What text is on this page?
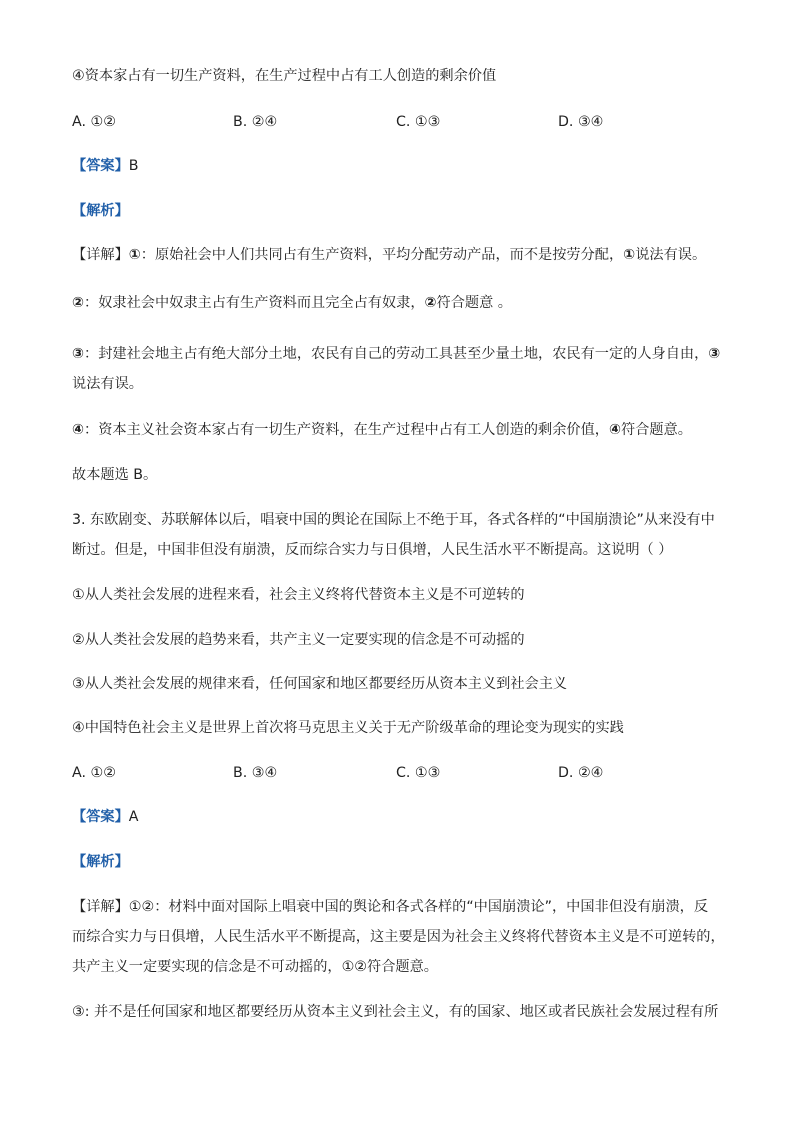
④资本家占有一切生产资料，在生产过程中占有工人创造的剩余价值
A. ①②	B. ②④	C. ①③	D. ③④
【答案】B
【解析】
【详解】①：原始社会中人们共同占有生产资料，平均分配劳动产品，而不是按劳分配，①说法有误。
②：奴隶社会中奴隶主占有生产资料而且完全占有奴隶，②符合题意 。
③：封建社会地主占有绝大部分土地，农民有自己的劳动工具甚至少量土地，农民有一定的人身自由，③
说法有误。
④：资本主义社会资本家占有一切生产资料，在生产过程中占有工人创造的剩余价值，④符合题意。
故本题选 B。
3. 东欧剧变、苏联解体以后，唱衰中国的舆论在国际上不绝于耳，各式各样的“中国崩溃论”从来没有中
断过。但是，中国非但没有崩溃，反而综合实力与日俱增，人民生活水平不断提高。这说明（ ）
①从人类社会发展的进程来看，社会主义终将代替资本主义是不可逆转的
②从人类社会发展的趋势来看，共产主义一定要实现的信念是不可动摇的
③从人类社会发展的规律来看，任何国家和地区都要经历从资本主义到社会主义
④中国特色社会主义是世界上首次将马克思主义关于无产阶级革命的理论变为现实的实践
A. ①②	B. ③④	C. ①③	D. ②④
【答案】A
【解析】
【详解】①②：材料中面对国际上唱衰中国的舆论和各式各样的“中国崩溃论”，中国非但没有崩溃，反
而综合实力与日俱增，人民生活水平不断提高，这主要是因为社会主义终将代替资本主义是不可逆转的，
共产主义一定要实现的信念是不可动摇的，①②符合题意。
③: 并不是任何国家和地区都要经历从资本主义到社会主义，有的国家、地区或者民族社会发展过程有所
